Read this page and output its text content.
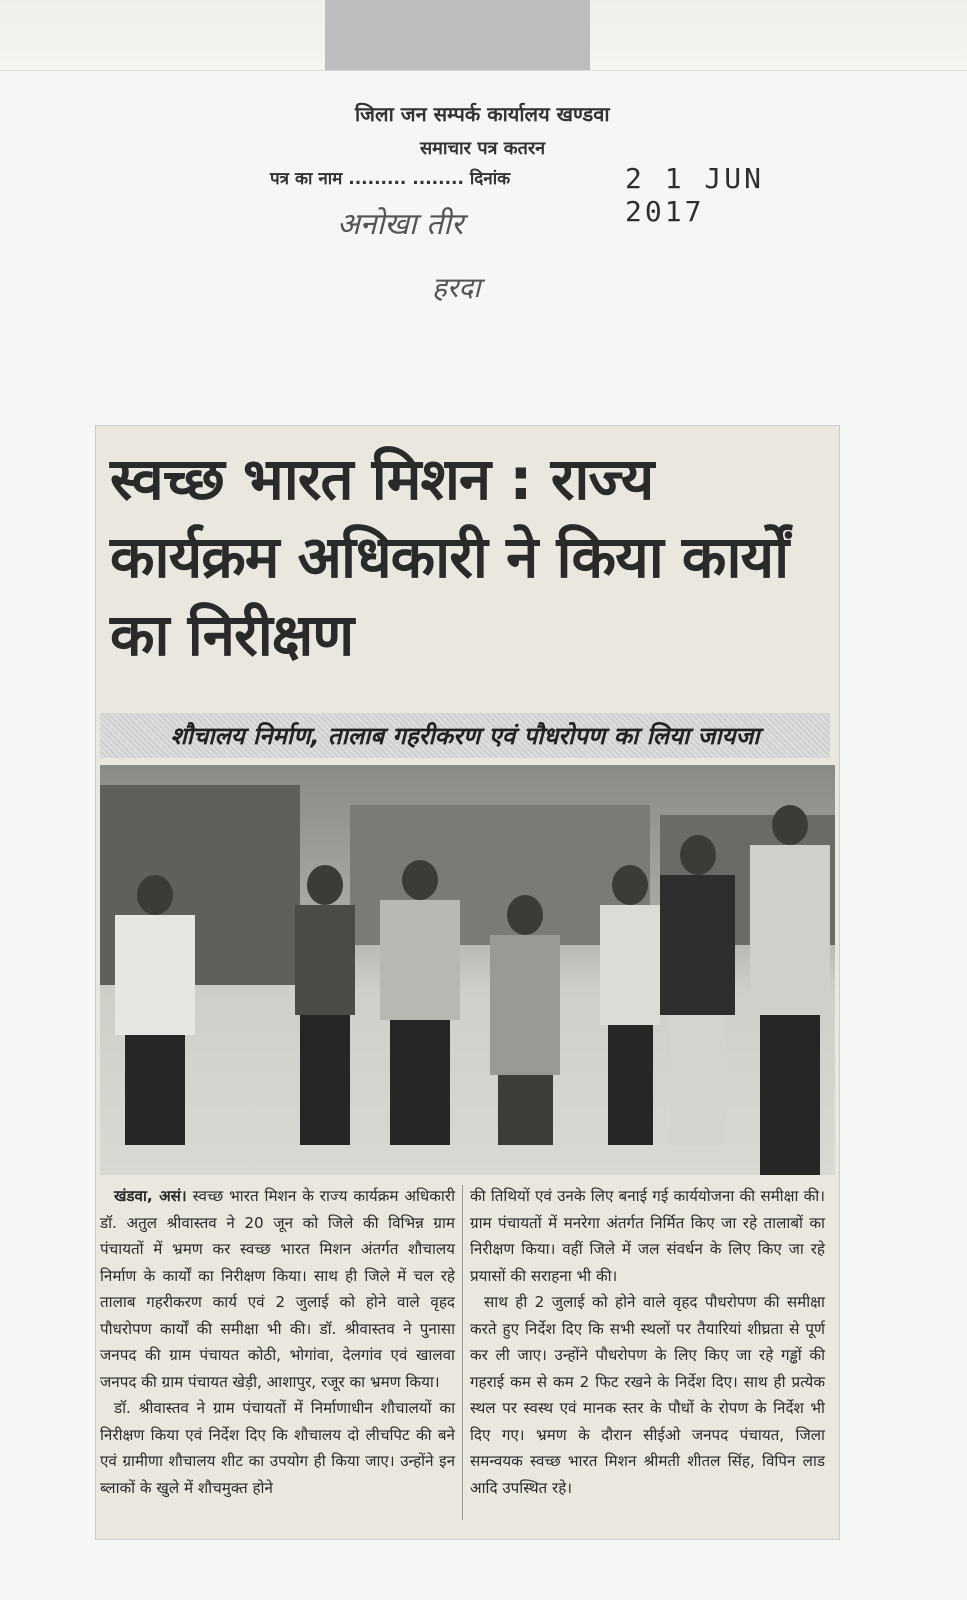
जिला जन सम्पर्क कार्यालय खण्डवा
समाचार पत्र कतरन
पत्र का नाम ......... ........ दिनांक	2 1 JUN 2017
अनोखा तीर
हरदा
स्वच्छ भारत मिशन : राज्य कार्यक्रम अधिकारी ने किया कार्यों का निरीक्षण
शौचालय निर्माण, तालाब गहरीकरण एवं पौधरोपण का लिया जायजा

खंडवा, असं। स्वच्छ भारत मिशन के राज्य कार्यक्रम अधिकारी डॉ. अतुल श्रीवास्तव ने 20 जून को जिले की विभिन्न ग्राम पंचायतों में भ्रमण कर स्वच्छ भारत मिशन अंतर्गत शौचालय निर्माण के कार्यों का निरीक्षण किया। साथ ही जिले में चल रहे तालाब गहरीकरण कार्य एवं 2 जुलाई को होने वाले वृहद पौधरोपण कार्यों की समीक्षा भी की। डॉ. श्रीवास्तव ने पुनासा जनपद की ग्राम पंचायत कोठी, भोगांवा, देलगांव एवं खालवा जनपद की ग्राम पंचायत खेड़ी, आशापुर, रजूर का भ्रमण किया।

डॉ. श्रीवास्तव ने ग्राम पंचायतों में निर्माणाधीन शौचालयों का निरीक्षण किया एवं निर्देश दिए कि शौचालय दो लीचपिट की बने एवं ग्रामीणा शौचालय शीट का उपयोग ही किया जाए। उन्होंने इन ब्लाकों के खुले में शौचमुक्त होने

की तिथियों एवं उनके लिए बनाई गई कार्ययोजना की समीक्षा की। ग्राम पंचायतों में मनरेगा अंतर्गत निर्मित किए जा रहे तालाबों का निरीक्षण किया। वहीं जिले में जल संवर्धन के लिए किए जा रहे प्रयासों की सराहना भी की।

साथ ही 2 जुलाई को होने वाले वृहद पौधरोपण की समीक्षा करते हुए निर्देश दिए कि सभी स्थलों पर तैयारियां शीघ्रता से पूर्ण कर ली जाए। उन्होंने पौधरोपण के लिए किए जा रहे गड्ढों की गहराई कम से कम 2 फिट रखने के निर्देश दिए। साथ ही प्रत्येक स्थल पर स्वस्थ एवं मानक स्तर के पौधों के रोपण के निर्देश भी दिए गए। भ्रमण के दौरान सीईओ जनपद पंचायत, जिला समन्वयक स्वच्छ भारत मिशन श्रीमती शीतल सिंह, विपिन लाड आदि उपस्थित रहे।
